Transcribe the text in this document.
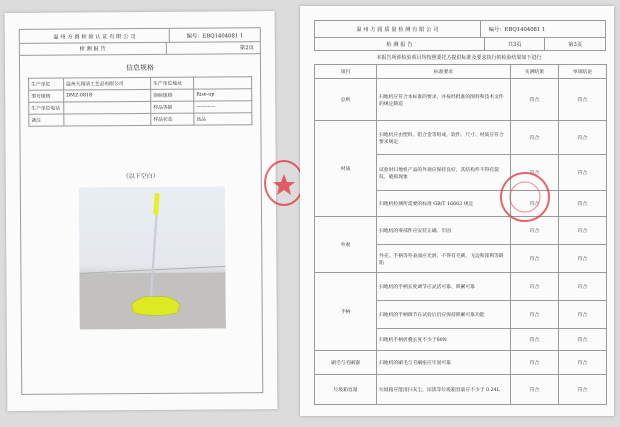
温 州 方 圆 检 验 认 证 有 限 公 司	编号：EBQ1404081 1
检 测 报 告	第2页
信息规格
生产单位	温州天翔清工艺品有限公司	生产单位地址	
型号规格	DMZ-0818	商标规格	Rise-up
生产单位电话		样品等级	————
备注		样品状态	良品
（以下空白）
温 州 方 圆 质 量 检 测 有 限 公 司	编号：EBQ1404081 1
检 测 报 告	共3页	第3页
本报告所涉检验项目均按照委托方提供标准及要求执行的检验结果如下进行
项目	标准要求	实测结果	单项结论
总则	扫地机应符合本标准的要求，并按经批准的图样和技术文件的规定制造	符合	符合
材质	扫地机应由塑料、铝合金等组成，软件、尺寸、材质应符合要求规定	符合	符合
	试验时扫地机产品的外观应保持良好，其结构件不得有裂纹、破损现象	符合	符合
	扫地机检测所需要的标准 GB/T 16663 规定	符合	符合
外观	扫地机的零部件应安装正确、牢固	符合	符合
	外壳、手柄等外表面应光滑，不得有毛刺、飞边和锋利等缺陷	符合	符合
手柄	扫地机的手柄长度调节应灵活可靠、锁紧可靠	符合	符合
	扫地机的手柄调节在试验后仍应保持锁紧可靠功能	符合	符合
	扫地机手柄折叠长度不少于80N	符合	符合
刷毛与毛刷器	扫地机的刷毛与毛刷座应牢固可靠	符合	符合
垃圾箱容量	垃圾箱应能清扫灰尘、尿渍等垃圾箱容量应不少于 0.24L	符合	符合
